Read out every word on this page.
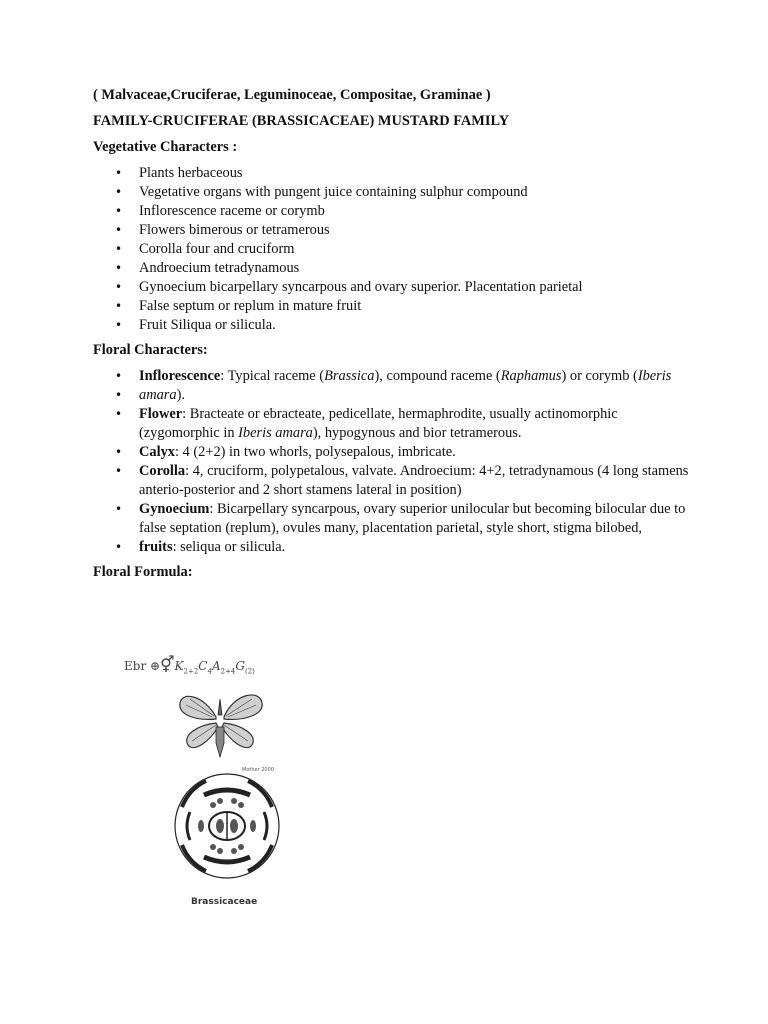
( Malvaceae,Cruciferae, Leguminoceae, Compositae, Graminae )

FAMILY-CRUCIFERAE (BRASSICACEAE) MUSTARD FAMILY

Vegetative Characters :

• Plants herbaceous
• Vegetative organs with pungent juice containing sulphur compound
• Inflorescence raceme or corymb
• Flowers bimerous or tetramerous
• Corolla four and cruciform
• Androecium tetradynamous
• Gynoecium bicarpellary syncarpous and ovary superior. Placentation parietal
• False septum or replum in mature fruit
• Fruit Siliqua or silicula.

Floral Characters:

• Inflorescence: Typical raceme (Brassica), compound raceme (Raphamus) or corymb (Iberis
• amara).
• Flower: Bracteate or ebracteate, pedicellate, hermaphrodite, usually actinomorphic (zygomorphic in Iberis amara), hypogynous and bior tetramerous.
• Calyx: 4 (2+2) in two whorls, polysepalous, imbricate.
• Corolla: 4, cruciform, polypetalous, valvate. Androecium: 4+2, tetradynamous (4 long stamens anterio-posterior and 2 short stamens lateral in position)
• Gynoecium: Bicarpellary syncarpous, ovary superior unilocular but becoming bilocular due to false septation (replum), ovules many, placentation parietal, style short, stigma bilobed,
• fruits: seliqua or silicula.

Floral Formula:

Ebr $\oplus⚥K_{2+2}C_4A_{2+4}G_{(2)}$
Mother 2000
Brassicaceae
